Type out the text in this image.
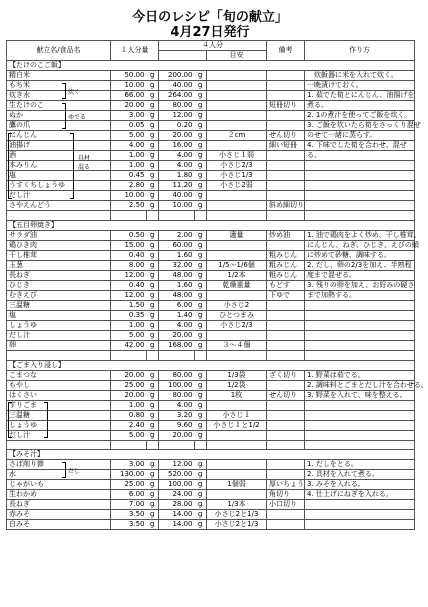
今日のレシピ「旬の献立」
4月27日発行
献立名/食品名	１人分量		４人分			備考	作り方
					目安		
【たけのこご飯】							
精白米	50.00	g	200.00	g			　炊飯器に米を入れて炊く。
もち米	10.00	g	40.00	g			一晩漬けておく。
炊き水	66.00	g	264.00	g			1. 茹でた筍とにんじん、油揚げを
生たけのこ	20.00	g	80.00	g		短冊切り	煮る。
ぬか	3.00	g	12.00	g			2. 1の煮汁を使ってご飯を炊く。
鷹の爪	0.05	g	0.20	g			3. ご飯を炊いたら筍をさっくり混ぜ
にんじん	5.00	g	20.00	g	２cm	せん切り	のせて一緒に蒸らす。
油揚げ	4.00	g	16.00	g		細い短冊	4. 下味でした筍を合わせ、混ぜ
酒	1.00	g	4.00	g	小さじ１弱		る。
本みりん	1.00	g	4.00	g	小さじ2/3		
塩	0.45	g	1.80	g	小さじ1/3		
うすくちしょうゆ	2.80	g	11.20	g	小さじ2弱		
だし汁	10.00	g	40.00	g			
さやえんどう	2.50	g	10.00	g		斜め細切り	

【五目卵焼き】							
サラダ油	0.50	g	2.00	g	適量	炒め油	1. 油で鶏肉をよく炒め、干し椎茸、
鶏ひき肉	15.00	g	60.00	g			にんじん、ねぎ、ひじき、えびの順
干し椎茸	0.40	g	1.60	g		粗みじん	に炒めて砂糖、調味する。
玉葱	8.00	g	32.00	g	1/5〜1/6個	粗みじん	2. だし、卵の2/3を加え、半熟程
長ねぎ	12.00	g	48.00	g	1/2本	粗みじん	度まで混ぜる。
ひじき	0.40	g	1.60	g	乾燥重量	もどす	3. 残りの卵を加え、お好みの硬さ
むきえび	12.00	g	48.00	g		下ゆで	まで加熱する。
三温糖	1.50	g	6.00	g	小さじ2		
塩	0.35	g	1.40	g	ひとつまみ		
しょうゆ	1.00	g	4.00	g	小さじ2/3		
だし汁	5.00	g	20.00	g			
卵	42.00	g	168.00	g	３〜４個		

【ごま入り浸し】							
こまつな	20.00	g	80.00	g	1/3袋	ざく切り	1. 野菜は茹でる。
もやし	25.00	g	100.00	g	1/2袋		2. 調味料とごまとだし汁を合わせる。
はくさい	20.00	g	80.00	g	1枚	せん切り	3. 野菜を入れて、味を整える。
すりごま	1.00	g	4.00	g			
三温糖	0.80	g	3.20	g	小さじ１		
しょうゆ	2.40	g	9.60	g	小さじ１と1/2		
だし汁	5.00	g	20.00	g			

【みそ汁】							
さば削り節	3.00	g	12.00	g			1. だしをとる。
水	130.00	g	520.00	g			2. 具材を入れて煮る。
じゃがいも	25.00	g	100.00	g	1個弱	厚いちょう	3. みそを入れる。
生わかめ	6.00	g	24.00	g		角切り	4. 仕上げにねぎを入れる。
長ねぎ	7.00	g	28.00	g	1/3本	小口切り	
赤みそ	3.50	g	14.00	g	小さじ2と1/3		
白みそ	3.50	g	14.00	g	小さじ2と1/3		
炊く
ゆでる
だし
具材
混る
